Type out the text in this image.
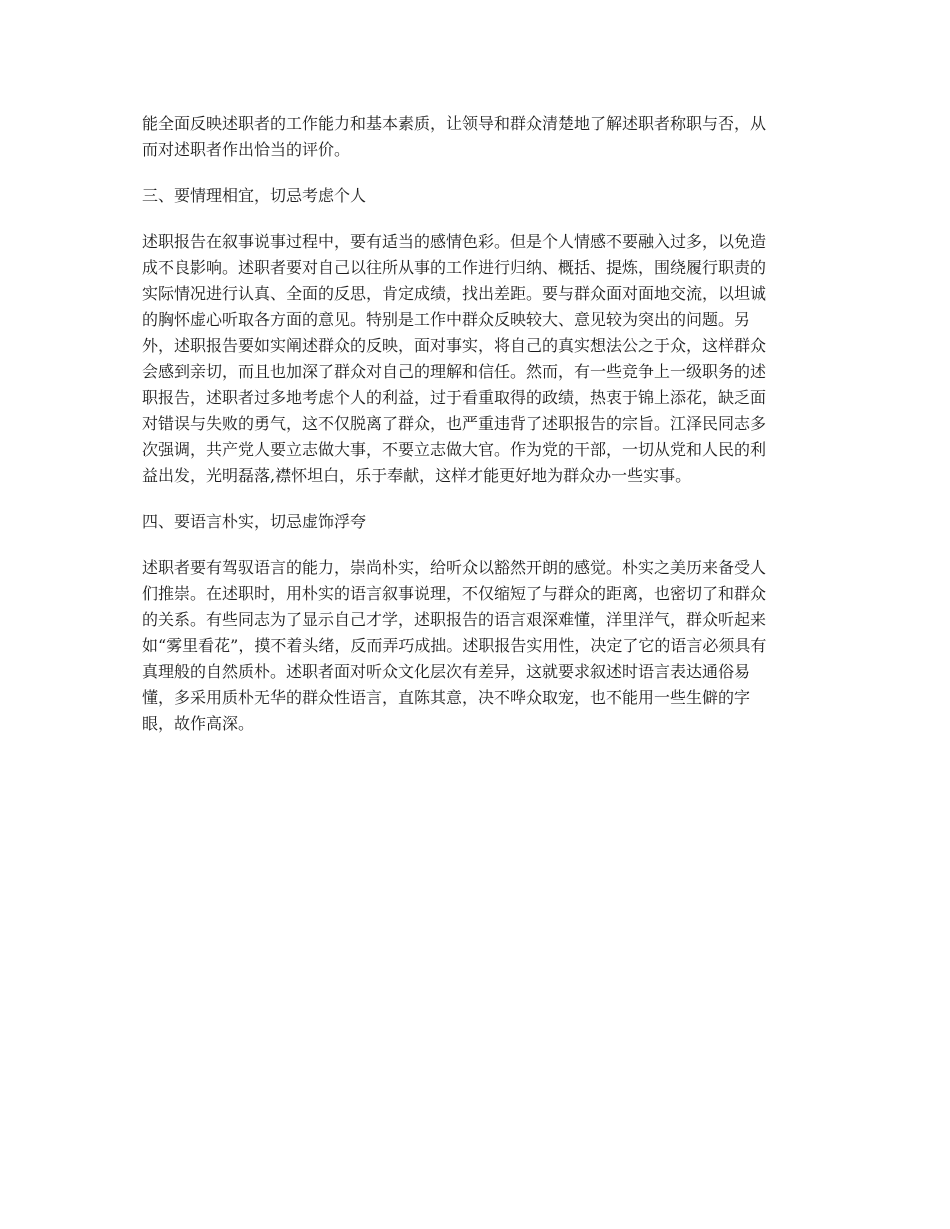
能全面反映述职者的工作能力和基本素质，让领导和群众清楚地了解述职者称职与否，从
而对述职者作出恰当的评价。

三、要情理相宜，切忌考虑个人

述职报告在叙事说事过程中，要有适当的感情色彩。但是个人情感不要融入过多，以免造
成不良影响。述职者要对自己以往所从事的工作进行归纳、概括、提炼，围绕履行职责的
实际情况进行认真、全面的反思，肯定成绩，找出差距。要与群众面对面地交流，以坦诚
的胸怀虚心听取各方面的意见。特别是工作中群众反映较大、意见较为突出的问题。另
外，述职报告要如实阐述群众的反映，面对事实，将自己的真实想法公之于众，这样群众
会感到亲切，而且也加深了群众对自己的理解和信任。然而，有一些竞争上一级职务的述
职报告，述职者过多地考虑个人的利益，过于看重取得的政绩，热衷于锦上添花，缺乏面
对错误与失败的勇气，这不仅脱离了群众，也严重违背了述职报告的宗旨。江泽民同志多
次强调，共产党人要立志做大事，不要立志做大官。作为党的干部，一切从党和人民的利
益出发，光明磊落,襟怀坦白，乐于奉献，这样才能更好地为群众办一些实事。

四、要语言朴实，切忌虚饰浮夸

述职者要有驾驭语言的能力，崇尚朴实，给听众以豁然开朗的感觉。朴实之美历来备受人
们推崇。在述职时，用朴实的语言叙事说理，不仅缩短了与群众的距离，也密切了和群众
的关系。有些同志为了显示自己才学，述职报告的语言艰深难懂，洋里洋气，群众听起来
如“雾里看花”，摸不着头绪，反而弄巧成拙。述职报告实用性，决定了它的语言必须具有
真理般的自然质朴。述职者面对听众文化层次有差异，这就要求叙述时语言表达通俗易
懂，多采用质朴无华的群众性语言，直陈其意，决不哗众取宠，也不能用一些生僻的字
眼，故作高深。
